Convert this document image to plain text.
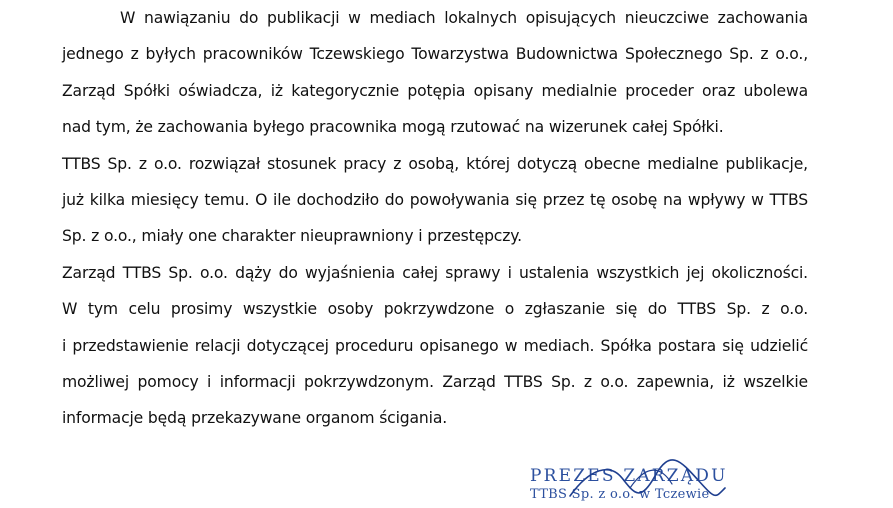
W nawiązaniu do publikacji w mediach lokalnych opisujących nieuczciwe zachowania
jednego z byłych pracowników Tczewskiego Towarzystwa Budownictwa Społecznego Sp. z o.o.,
Zarząd Spółki oświadcza, iż kategorycznie potępia opisany medialnie proceder oraz ubolewa
nad tym, że zachowania byłego pracownika mogą rzutować na wizerunek całej Spółki.

TTBS Sp. z o.o. rozwiązał stosunek pracy z osobą, której dotyczą obecne medialne publikacje,
już kilka miesięcy temu. O ile dochodziło do powoływania się przez tę osobę na wpływy w TTBS
Sp. z o.o., miały one charakter nieuprawniony i przestępczy.

Zarząd TTBS Sp. o.o. dąży do wyjaśnienia całej sprawy i ustalenia wszystkich jej okoliczności.
W tym celu prosimy wszystkie osoby pokrzywdzone o zgłaszanie się do TTBS Sp. z o.o.
i przedstawienie relacji dotyczącej proceduru opisanego w mediach. Spółka postara się udzielić
możliwej pomocy i informacji pokrzywdzonym. Zarząd TTBS Sp. z o.o. zapewnia, iż wszelkie
informacje będą przekazywane organom ścigania.

PREZES ZARZĄDU
TTBS Sp. z o.o. w Tczewie
